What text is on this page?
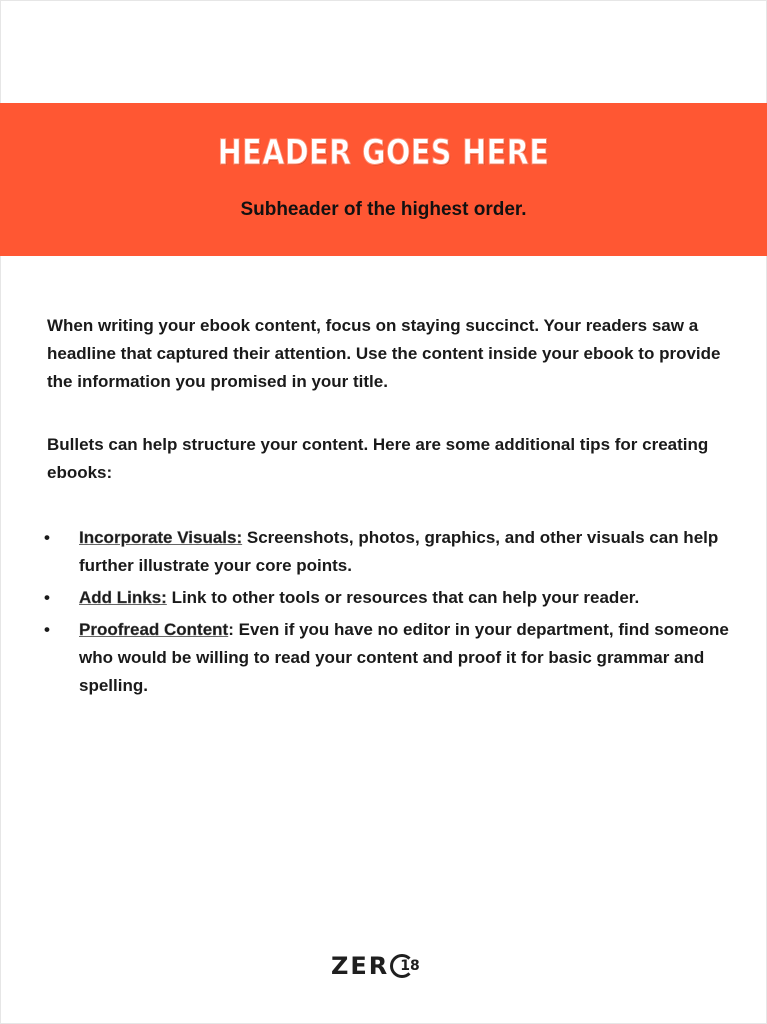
HEADER GOES HERE
Subheader of the highest order.
When writing your ebook content, focus on staying succinct. Your readers saw a headline that captured their attention. Use the content inside your ebook to provide the information you promised in your title.
Bullets can help structure your content. Here are some additional tips for creating ebooks:
• Incorporate Visuals: Screenshots, photos, graphics, and other visuals can help further illustrate your core points.
• Add Links: Link to other tools or resources that can help your reader.
• Proofread Content: Even if you have no editor in your department, find someone who would be willing to read your content and proof it for basic grammar and spelling.
ZER 18
